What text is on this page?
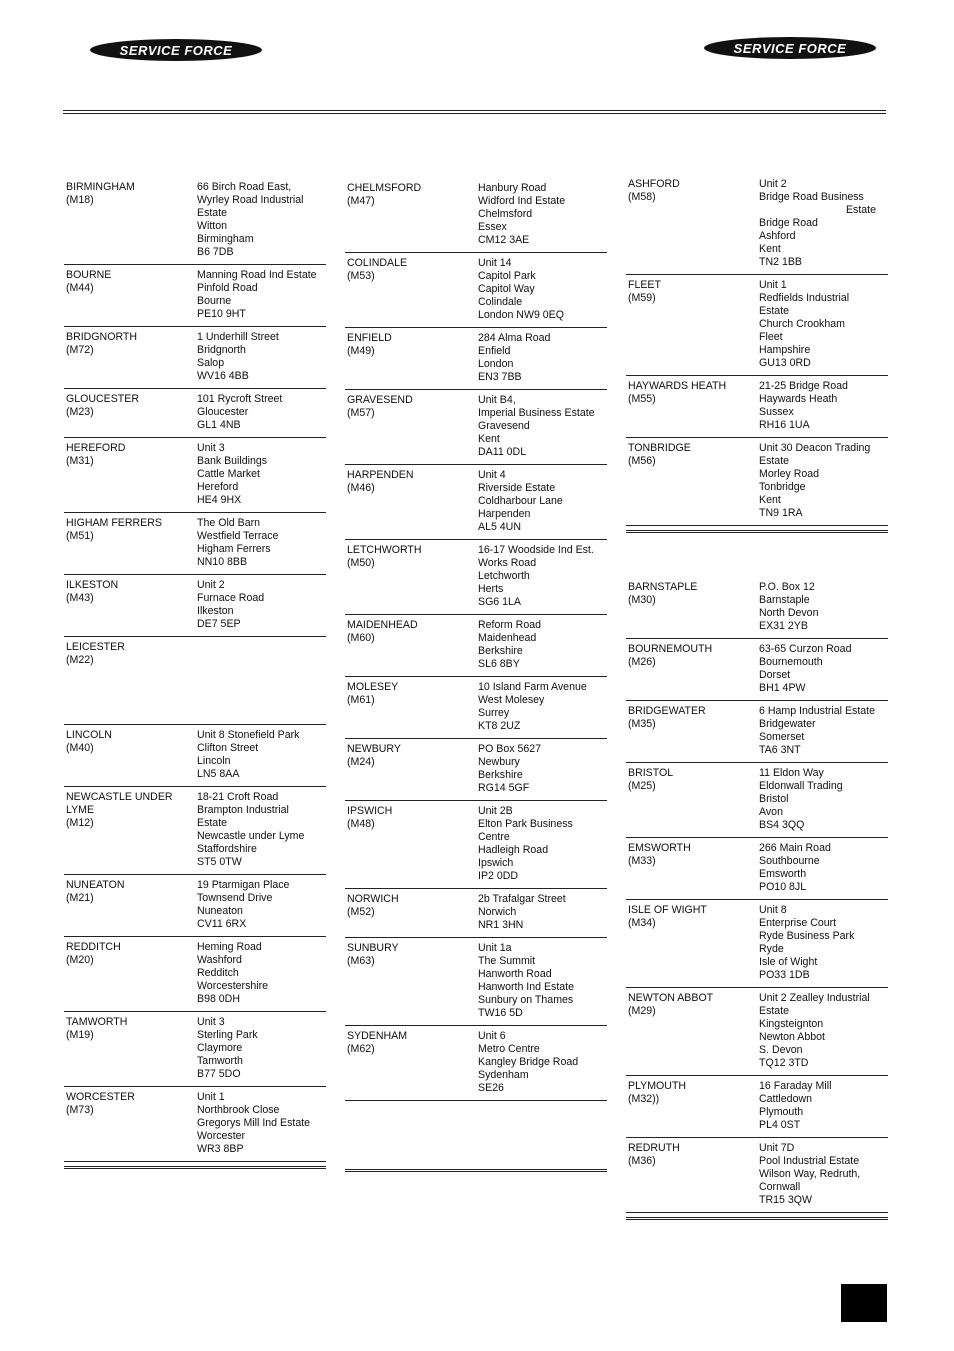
SERVICE FORCE	SERVICE FORCE
BIRMINGHAM
(M18)
66 Birch Road East,
Wyrley Road Industrial
Estate
Witton
Birmingham
B6 7DB
BOURNE
(M44)
Manning Road Ind Estate
Pinfold Road
Bourne
PE10 9HT
BRIDGNORTH
(M72)
1 Underhill Street
Bridgnorth
Salop
WV16 4BB
GLOUCESTER
(M23)
101 Rycroft Street
Gloucester
GL1 4NB
HEREFORD
(M31)
Unit 3
Bank Buildings
Cattle Market
Hereford
HE4 9HX
HIGHAM FERRERS
(M51)
The Old Barn
Westfield Terrace
Higham Ferrers
NN10 8BB
ILKESTON
(M43)
Unit 2
Furnace Road
Ilkeston
DE7 5EP
LEICESTER
(M22)
LINCOLN
(M40)
Unit 8 Stonefield Park
Clifton Street
Lincoln
LN5 8AA
NEWCASTLE UNDER LYME
(M12)
18-21 Croft Road
Brampton Industrial
Estate
Newcastle under Lyme
Staffordshire
ST5 0TW
NUNEATON
(M21)
19 Ptarmigan Place
Townsend Drive
Nuneaton
CV11 6RX
REDDITCH
(M20)
Heming Road
Washford
Redditch
Worcestershire
B98 0DH
TAMWORTH
(M19)
Unit 3
Sterling Park
Claymore
Tamworth
B77 5DO
WORCESTER
(M73)
Unit 1
Northbrook Close
Gregorys Mill Ind Estate
Worcester
WR3 8BP
CHELMSFORD
(M47)
Hanbury Road
Widford Ind Estate
Chelmsford
Essex
CM12 3AE
COLINDALE
(M53)
Unit 14
Capitol Park
Capitol Way
Colindale
London NW9 0EQ
ENFIELD
(M49)
284 Alma Road
Enfield
London
EN3 7BB
GRAVESEND
(M57)
Unit B4,
Imperial Business Estate
Gravesend
Kent
DA11 0DL
HARPENDEN
(M46)
Unit 4
Riverside Estate
Coldharbour Lane
Harpenden
AL5 4UN
LETCHWORTH
(M50)
16-17 Woodside Ind Est.
Works Road
Letchworth
Herts
SG6 1LA
MAIDENHEAD
(M60)
Reform Road
Maidenhead
Berkshire
SL6 8BY
MOLESEY
(M61)
10 Island Farm Avenue
West Molesey
Surrey
KT8 2UZ
NEWBURY
(M24)
PO Box 5627
Newbury
Berkshire
RG14 5GF
IPSWICH
(M48)
Unit 2B
Elton Park Business
Centre
Hadleigh Road
Ipswich
IP2 0DD
NORWICH
(M52)
2b Trafalgar Street
Norwich
NR1 3HN
SUNBURY
(M63)
Unit 1a
The Summit
Hanworth Road
Hanworth Ind Estate
Sunbury on Thames
TW16 5D
SYDENHAM
(M62)
Unit 6
Metro Centre
Kangley Bridge Road
Sydenham
SE26
ASHFORD
(M58)
Unit 2
Bridge Road Business
Estate
Bridge Road
Ashford
Kent
TN2 1BB
FLEET
(M59)
Unit 1
Redfields Industrial
Estate
Church Crookham
Fleet
Hampshire
GU13 0RD
HAYWARDS HEATH
(M55)
21-25 Bridge Road
Haywards Heath
Sussex
RH16 1UA
TONBRIDGE
(M56)
Unit 30 Deacon Trading
Estate
Morley Road
Tonbridge
Kent
TN9 1RA
BARNSTAPLE
(M30)
P.O. Box 12
Barnstaple
North Devon
EX31 2YB
BOURNEMOUTH
(M26)
63-65 Curzon Road
Bournemouth
Dorset
BH1 4PW
BRIDGEWATER
(M35)
6 Hamp Industrial Estate
Bridgewater
Somerset
TA6 3NT
BRISTOL
(M25)
11 Eldon Way
Eldonwall Trading
Bristol
Avon
BS4 3QQ
EMSWORTH
(M33)
266 Main Road
Southbourne
Emsworth
PO10 8JL
ISLE OF WIGHT
(M34)
Unit 8
Enterprise Court
Ryde Business Park
Ryde
Isle of Wight
PO33 1DB
NEWTON ABBOT
(M29)
Unit 2 Zealley Industrial
Estate
Kingsteignton
Newton Abbot
S. Devon
TQ12 3TD
PLYMOUTH
(M32))
16 Faraday Mill
Cattledown
Plymouth
PL4 0ST
REDRUTH
(M36)
Unit 7D
Pool Industrial Estate
Wilson Way, Redruth,
Cornwall
TR15 3QW
